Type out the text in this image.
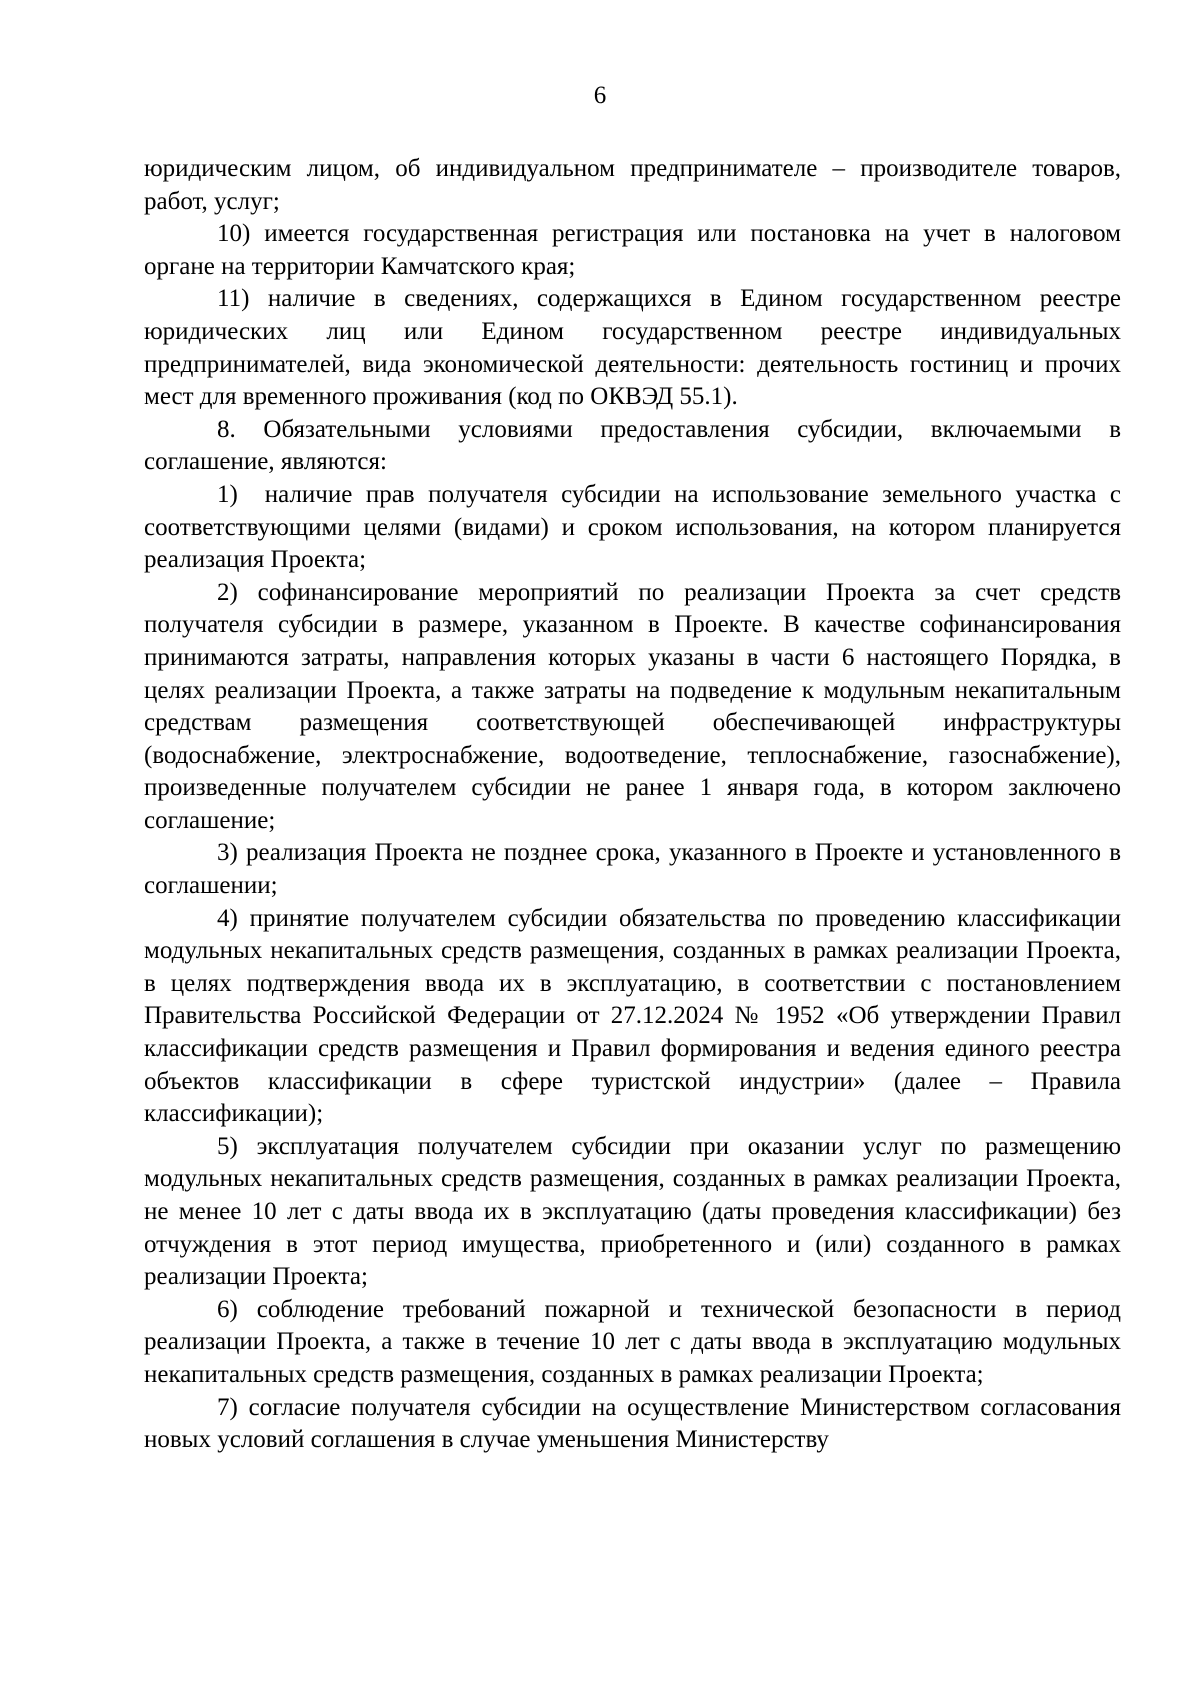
6

юридическим лицом, об индивидуальном предпринимателе – производителе товаров, работ, услуг;

10) имеется государственная регистрация или постановка на учет в налоговом органе на территории Камчатского края;

11) наличие в сведениях, содержащихся в Едином государственном реестре юридических лиц или Едином государственном реестре индивидуальных предпринимателей, вида экономической деятельности: деятельность гостиниц и прочих мест для временного проживания (код по ОКВЭД 55.1).

8. Обязательными условиями предоставления субсидии, включаемыми в соглашение, являются:

1)  наличие прав получателя субсидии на использование земельного участка с соответствующими целями (видами) и сроком использования, на котором планируется реализация Проекта;

2) софинансирование мероприятий по реализации Проекта за счет средств получателя субсидии в размере, указанном в Проекте. В качестве софинансирования принимаются затраты, направления которых указаны в части 6 настоящего Порядка, в целях реализации Проекта, а также затраты на подведение к модульным некапитальным средствам размещения соответствующей обеспечивающей инфраструктуры (водоснабжение, электроснабжение, водоотведение, теплоснабжение, газоснабжение), произведенные получателем субсидии не ранее 1 января года, в котором заключено соглашение;

3) реализация Проекта не позднее срока, указанного в Проекте и установленного в соглашении;

4) принятие получателем субсидии обязательства по проведению классификации модульных некапитальных средств размещения, созданных в рамках реализации Проекта, в целях подтверждения ввода их в эксплуатацию, в соответствии с постановлением Правительства Российской Федерации от 27.12.2024 № 1952 «Об утверждении Правил классификации средств размещения и Правил формирования и ведения единого реестра объектов классификации в сфере туристской индустрии» (далее – Правила классификации);

5) эксплуатация получателем субсидии при оказании услуг по размещению модульных некапитальных средств размещения, созданных в рамках реализации Проекта, не менее 10 лет с даты ввода их в эксплуатацию (даты проведения классификации) без отчуждения в этот период имущества, приобретенного и (или) созданного в рамках реализации Проекта;

6) соблюдение требований пожарной и технической безопасности в период реализации Проекта, а также в течение 10 лет с даты ввода в эксплуатацию модульных некапитальных средств размещения, созданных в рамках реализации Проекта;

7) согласие получателя субсидии на осуществление Министерством согласования новых условий соглашения в случае уменьшения Министерству
